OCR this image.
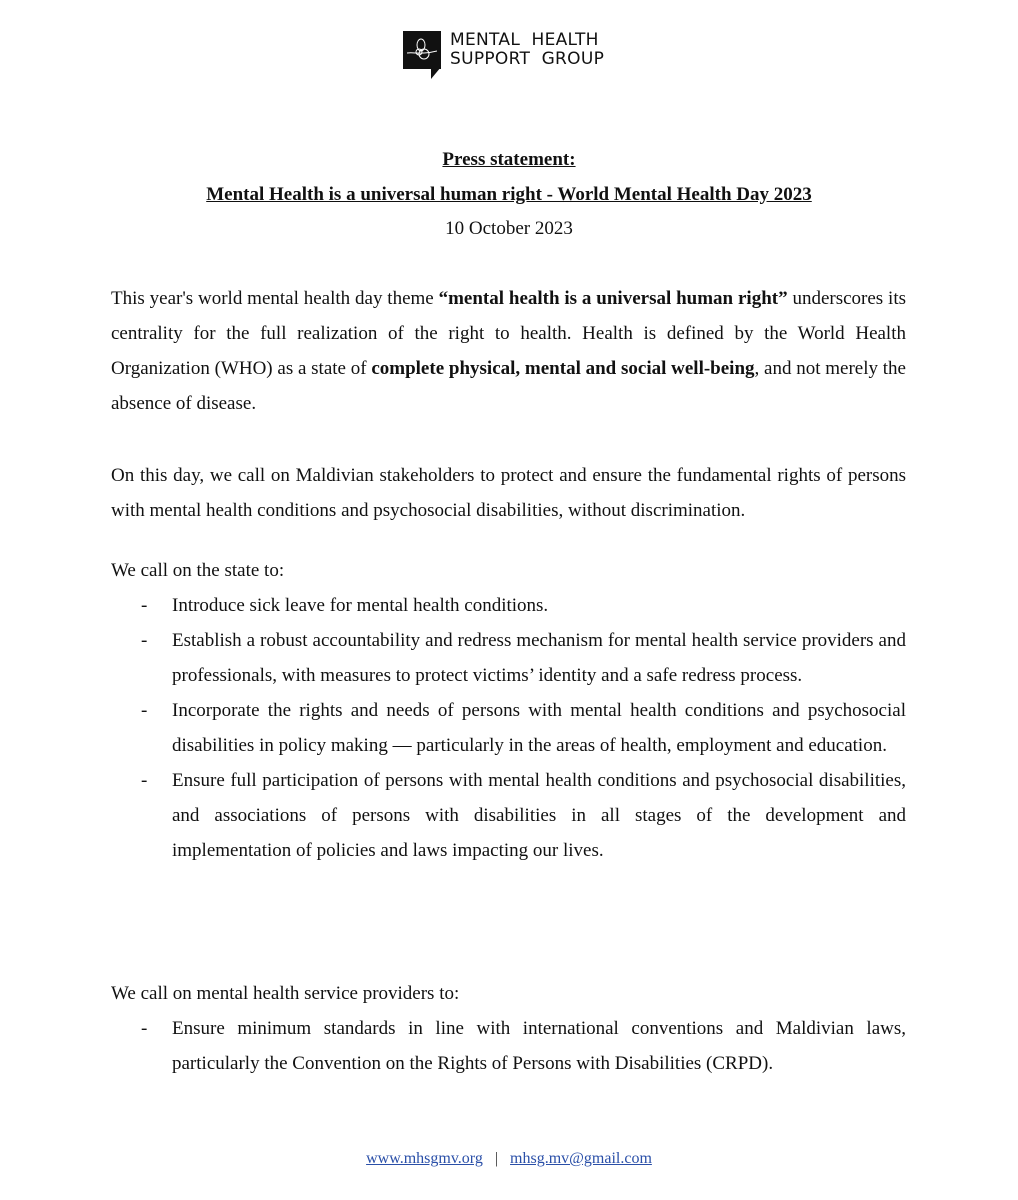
MENTAL  HEALTH
SUPPORT  GROUP
Press statement:
Mental Health is a universal human right - World Mental Health Day 2023
10 October 2023

This year's world mental health day theme “mental health is a universal human right” underscores its centrality for the full realization of the right to health. Health is defined by the World Health Organization (WHO) as a state of complete physical, mental and social well-being, and not merely the absence of disease.

On this day, we call on Maldivian stakeholders to protect and ensure the fundamental rights of persons with mental health conditions and psychosocial disabilities, without discrimination.

We call on the state to:

- Introduce sick leave for mental health conditions.
- Establish a robust accountability and redress mechanism for mental health service providers and professionals, with measures to protect victims’ identity and a safe redress process.
- Incorporate the rights and needs of persons with mental health conditions and psychosocial disabilities in policy making — particularly in the areas of health, employment and education.
- Ensure full participation of persons with mental health conditions and psychosocial disabilities, and associations of persons with disabilities in all stages of the development and implementation of policies and laws impacting our lives.

We call on mental health service providers to:

- Ensure minimum standards in line with international conventions and Maldivian laws, particularly the Convention on the Rights of Persons with Disabilities (CRPD).
www.mhsgmv.org | mhsg.mv@gmail.com
